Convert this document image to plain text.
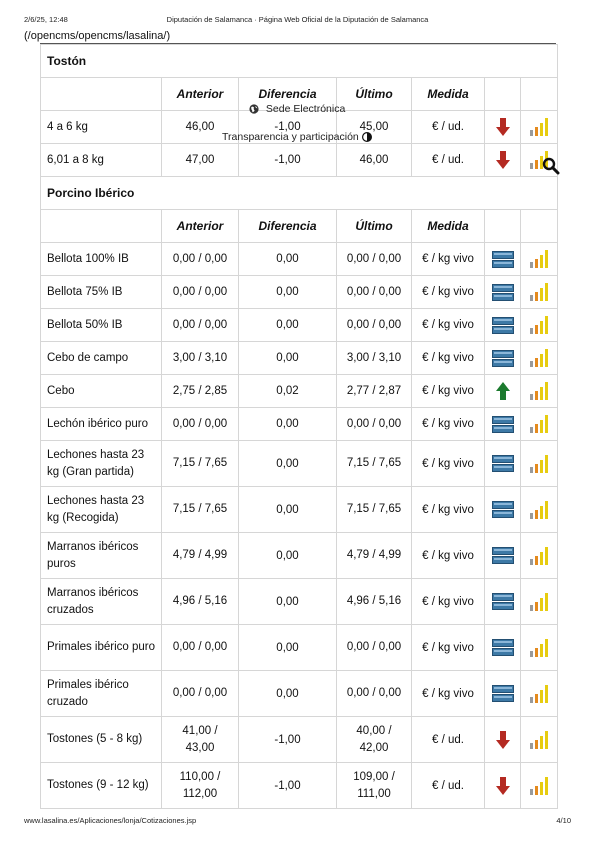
2/6/25, 12:48	Diputación de Salamanca · Página Web Oficial de la Diputación de Salamanca
(/opencms/opencms/lasalina/)
Tostón						
	Anterior	Diferencia	Último	Medida		
4 a 6 kg	46,00	-1,00	45,00	€ / ud.	

6,01 a 8 kg	47,00	-1,00	46,00	€ / ud.	

Porcino Ibérico						
	Anterior	Diferencia	Último	Medida		
Bellota 100% IB	0,00 / 0,00	0,00	0,00 / 0,00	€ / kg vivo	

Bellota 75% IB	0,00 / 0,00	0,00	0,00 / 0,00	€ / kg vivo	

Bellota 50% IB	0,00 / 0,00	0,00	0,00 / 0,00	€ / kg vivo	

Cebo de campo	3,00 / 3,10	0,00	3,00 / 3,10	€ / kg vivo	

Cebo	2,75 / 2,85	0,02	2,77 / 2,87	€ / kg vivo	

Lechón ibérico puro	0,00 / 0,00	0,00	0,00 / 0,00	€ / kg vivo	

Lechones hasta 23 kg (Gran partida)	7,15 / 7,65	0,00	7,15 / 7,65	€ / kg vivo	

Lechones hasta 23 kg (Recogida)	7,15 / 7,65	0,00	7,15 / 7,65	€ / kg vivo	

Marranos ibéricos puros	4,79 / 4,99	0,00	4,79 / 4,99	€ / kg vivo	

Marranos ibéricos cruzados	4,96 / 5,16	0,00	4,96 / 5,16	€ / kg vivo	

Primales ibérico puro	0,00 / 0,00	0,00	0,00 / 0,00	€ / kg vivo	

Primales ibérico cruzado	0,00 / 0,00	0,00	0,00 / 0,00	€ / kg vivo	

Tostones (5 - 8 kg)	41,00 / 43,00	-1,00	40,00 / 42,00	€ / ud.	

Tostones (9 - 12 kg)	110,00 / 112,00	-1,00	109,00 / 111,00	€ / ud.	

Sede Electrónica
Transparencia y participación
www.lasalina.es/Aplicaciones/lonja/Cotizaciones.jsp	4/10
